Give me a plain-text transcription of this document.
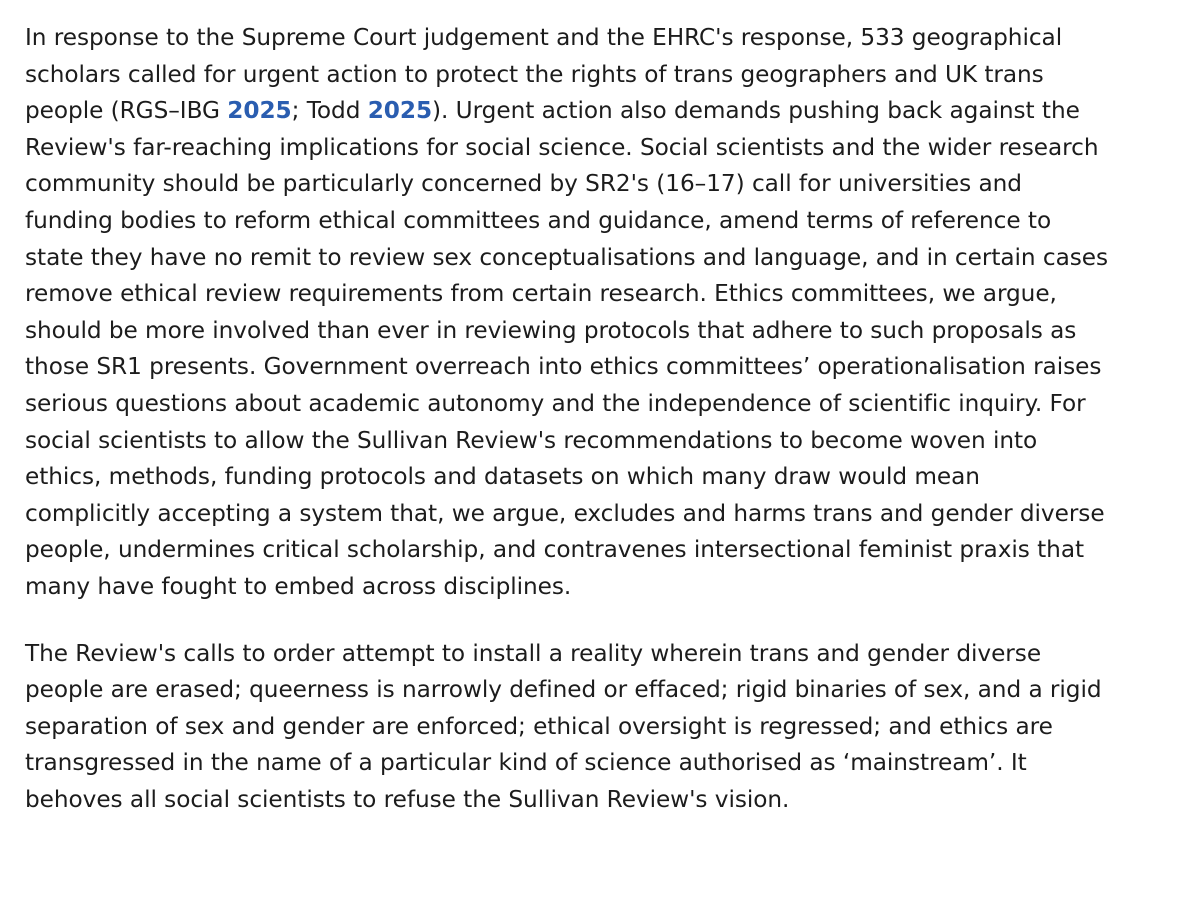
In response to the Supreme Court judgement and the EHRC's response, 533 geographical
scholars called for urgent action to protect the rights of trans geographers and UK trans
people (RGS–IBG 2025; Todd 2025). Urgent action also demands pushing back against the
Review's far-reaching implications for social science. Social scientists and the wider research
community should be particularly concerned by SR2's (16–17) call for universities and
funding bodies to reform ethical committees and guidance, amend terms of reference to
state they have no remit to review sex conceptualisations and language, and in certain cases
remove ethical review requirements from certain research. Ethics committees, we argue,
should be more involved than ever in reviewing protocols that adhere to such proposals as
those SR1 presents. Government overreach into ethics committees’ operationalisation raises
serious questions about academic autonomy and the independence of scientific inquiry. For
social scientists to allow the Sullivan Review's recommendations to become woven into
ethics, methods, funding protocols and datasets on which many draw would mean
complicitly accepting a system that, we argue, excludes and harms trans and gender diverse
people, undermines critical scholarship, and contravenes intersectional feminist praxis that
many have fought to embed across disciplines.

The Review's calls to order attempt to install a reality wherein trans and gender diverse
people are erased; queerness is narrowly defined or effaced; rigid binaries of sex, and a rigid
separation of sex and gender are enforced; ethical oversight is regressed; and ethics are
transgressed in the name of a particular kind of science authorised as ‘mainstream’. It
behoves all social scientists to refuse the Sullivan Review's vision.
